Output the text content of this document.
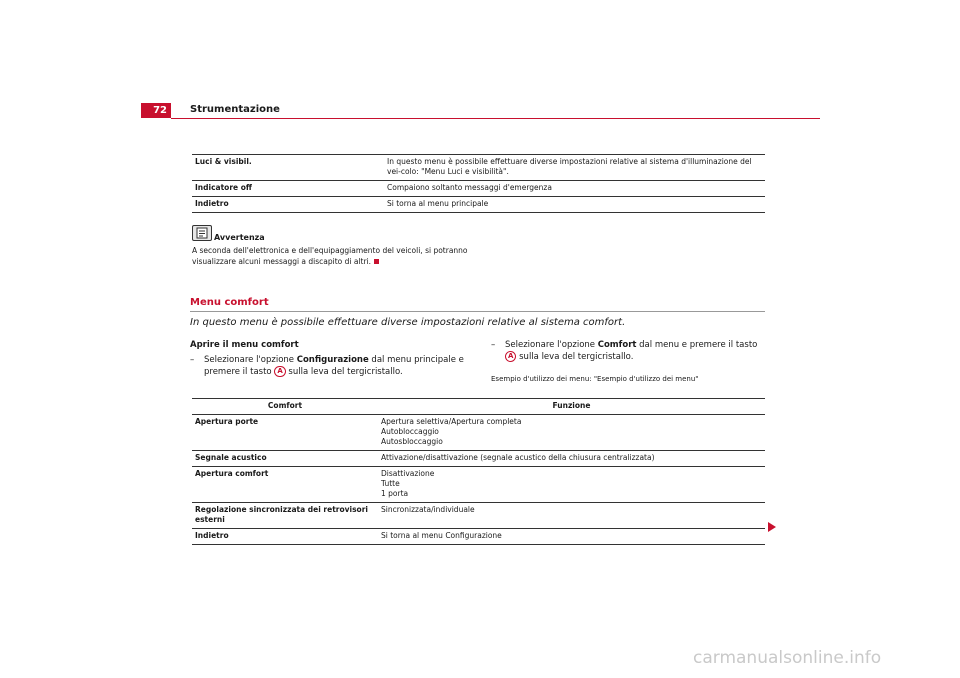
72	Strumentazione
Luci & visibil.	In questo menu è possibile effettuare diverse impostazioni relative al sistema d'illuminazione del vei-colo: "Menu Luci e visibilità".
Indicatore off	Compaiono soltanto messaggi d'emergenza
Indietro	Si torna al menu principale
Avvertenza
A seconda dell'elettronica e dell'equipaggiamento del veicoli, si potranno visualizzare alcuni messaggi a discapito di altri.
Menu comfort
In questo menu è possibile effettuare diverse impostazioni relative al sistema comfort.
Aprire il menu comfort
–	Selezionare l'opzione Configurazione dal menu principale e premere il tasto A sulla leva del tergicristallo.
–	Selezionare l'opzione Comfort dal menu e premere il tasto A sulla leva del tergicristallo.
Esempio d'utilizzo dei menu: "Esempio d'utilizzo dei menu"
Comfort	Funzione
Apertura porte	Apertura selettiva/Apertura completa
Autobloccaggio
Autosbloccaggio

Segnale acustico	Attivazione/disattivazione (segnale acustico della chiusura centralizzata)

Apertura comfort	Disattivazione
Tutte
1 porta

Regolazione sincronizzata dei retrovisori esterni	Sincronizzata/individuale

Indietro	Si torna al menu Configurazione
carmanualsonline.info
